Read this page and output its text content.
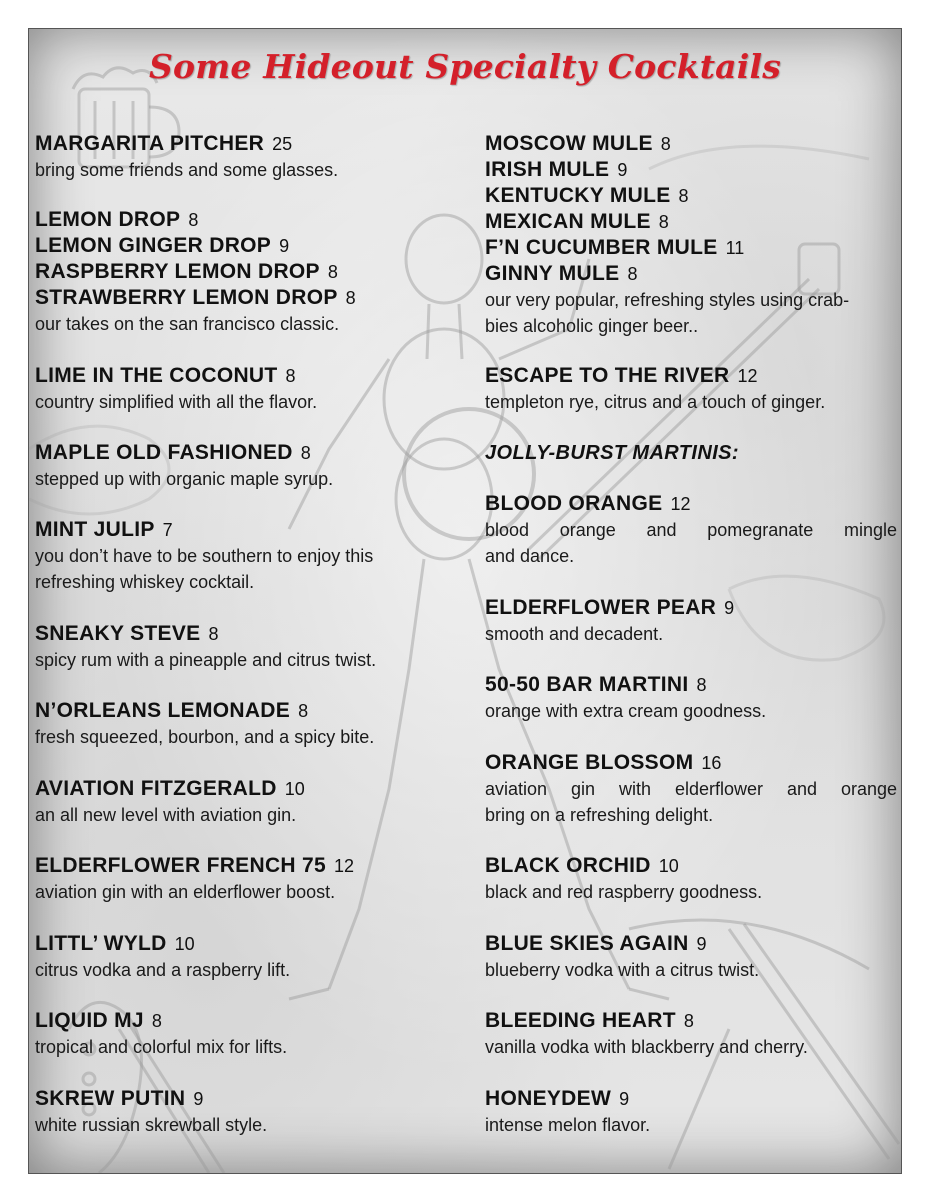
Some Hideout Specialty Cocktails

MARGARITA PITCHER 25

bring some friends and some glasses.

LEMON DROP 8

LEMON GINGER DROP 9

RASPBERRY LEMON DROP 8

STRAWBERRY LEMON DROP 8

our takes on the san francisco classic.

LIME IN THE COCONUT 8

country simplified with all the flavor.

MAPLE OLD FASHIONED 8

stepped up with organic maple syrup.

MINT JULIP 7

you don’t have to be southern to enjoy this

refreshing whiskey cocktail.

SNEAKY STEVE 8

spicy rum with a pineapple and citrus twist.

N’ORLEANS LEMONADE 8

fresh squeezed, bourbon, and a spicy bite.

AVIATION FITZGERALD 10

an all new level with aviation gin.

ELDERFLOWER FRENCH 75 12

aviation gin with an elderflower boost.

LITTL’ WYLD 10

citrus vodka and a raspberry lift.

LIQUID MJ 8

tropical and colorful mix for lifts.

SKREW PUTIN 9

white russian skrewball style.

MOSCOW MULE 8

IRISH MULE 9

KENTUCKY MULE 8

MEXICAN MULE 8

F’N CUCUMBER MULE 11

GINNY MULE 8

our very popular, refreshing styles using crab-

bies alcoholic ginger beer..

ESCAPE TO THE RIVER 12

templeton rye, citrus and a touch of ginger.

JOLLY-BURST MARTINIS:

BLOOD ORANGE 12

blood orange and pomegranate mingle

and dance.

ELDERFLOWER PEAR 9

smooth and decadent.

50-50 BAR MARTINI 8

orange with extra cream goodness.

ORANGE BLOSSOM 16

aviation gin with elderflower and orange

bring on a refreshing delight.

BLACK ORCHID 10

black and red raspberry goodness.

BLUE SKIES AGAIN 9

blueberry vodka with a citrus twist.

BLEEDING HEART 8

vanilla vodka with blackberry and cherry.

HONEYDEW 9

intense melon flavor.
